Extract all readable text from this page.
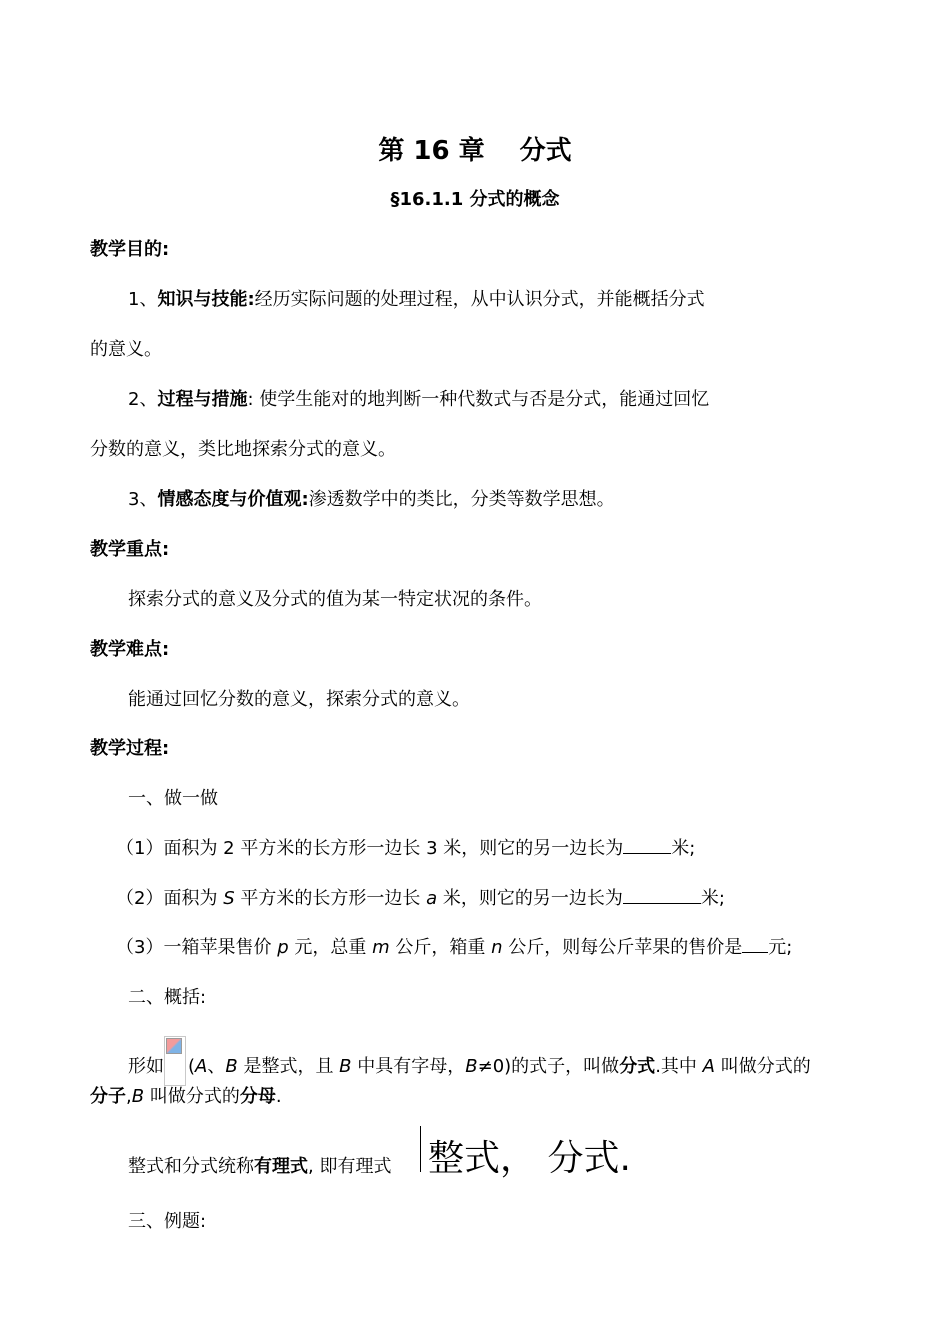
第 16 章　 分式
§16.1.1 分式的概念
教学目的:
1、知识与技能:经历实际问题的处理过程，从中认识分式，并能概括分式
的意义。
2、过程与措施: 使学生能对的地判断一种代数式与否是分式，能通过回忆
分数的意义，类比地探索分式的意义。
3、情感态度与价值观:渗透数学中的类比，分类等数学思想。
教学重点:
探索分式的意义及分式的值为某一特定状况的条件。
教学难点:
能通过回忆分数的意义，探索分式的意义。
教学过程:
一、做一做
（1）面积为 2 平方米的长方形一边长 3 米，则它的另一边长为	米;
（2）面积为 S 平方米的长方形一边长 a 米，则它的另一边长为	米;
（3）一箱苹果售价 p 元，总重 m 公斤，箱重 n 公斤，则每公斤苹果的售价是 元;
二、概括:
形如 (A、B 是整式，且 B 中具有字母，B≠0)的式子，叫做分式.其中 A 叫做分式的
分子,B 叫做分式的分母.
整式和分式统称有理式, 即有理式 整式， 分式.
三、例题:
